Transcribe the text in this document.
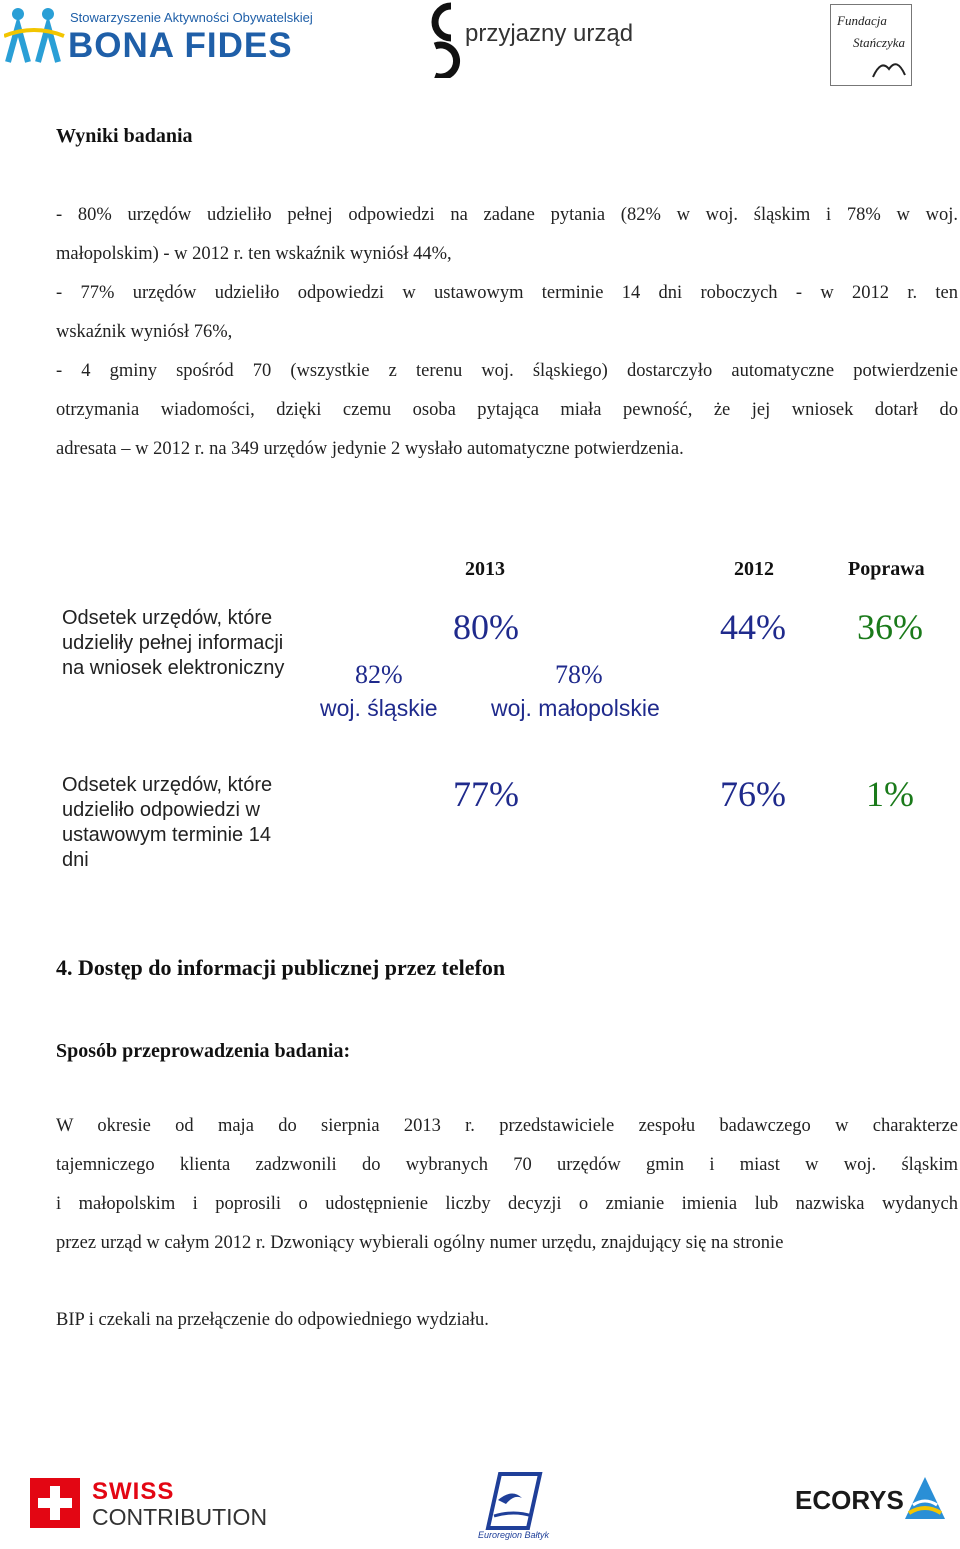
Stowarzyszenie Aktywności Obywatelskiej
BONA FIDES	przyjazny urząd	Fundacja
Stańczyka
Wyniki badania
- 80% urzędów udzieliło pełnej odpowiedzi na zadane pytania (82% w woj. śląskim i 78% w woj.
małopolskim) - w 2012 r. ten wskaźnik wyniósł 44%,
- 77% urzędów udzieliło odpowiedzi w ustawowym terminie 14 dni roboczych - w 2012 r. ten
wskaźnik wyniósł 76%,
- 4 gminy spośród 70 (wszystkie z terenu woj. śląskiego) dostarczyło automatyczne potwierdzenie
otrzymania wiadomości, dzięki czemu osoba pytająca miała pewność, że jej wniosek dotarł do
adresata – w 2012 r. na 349 urzędów jedynie 2 wysłało automatyczne potwierdzenia.
2013	2012	Poprawa
Odsetek urzędów, które udzieliły pełnej informacji na wniosek elektroniczny
80%	44% 36%
82%
woj. śląskie
78%
woj. małopolskie
Odsetek urzędów, które udzieliło odpowiedzi w ustawowym terminie 14 dni
77%	76% 1%
4. Dostęp do informacji publicznej przez telefon
Sposób przeprowadzenia badania:
W okresie od maja do sierpnia 2013 r. przedstawiciele zespołu badawczego w charakterze
tajemniczego klienta zadzwonili do wybranych 70 urzędów gmin i miast w woj. śląskim
i małopolskim i poprosili o udostępnienie liczby decyzji o zmianie imienia lub nazwiska wydanych
przez urząd w całym 2012 r. Dzwoniący wybierali ogólny numer urzędu, znajdujący się na stronie
BIP i czekali na przełączenie do odpowiedniego wydziału.
SWISS
CONTRIBUTION
Euroregion Bałtyk
ECORYS
